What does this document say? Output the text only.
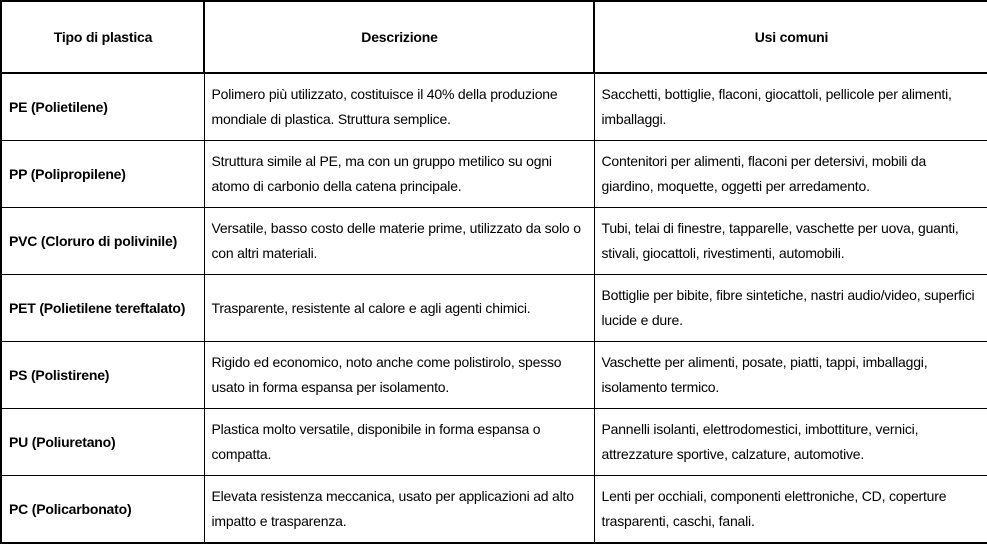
Tipo di plastica	Descrizione	Usi comuni
PE (Polietilene)	Polimero più utilizzato, costituisce il 40% della produzione mondiale di plastica. Struttura semplice.	Sacchetti, bottiglie, flaconi, giocattoli, pellicole per alimenti, imballaggi.
PP (Polipropilene)	Struttura simile al PE, ma con un gruppo metilico su ogni atomo di carbonio della catena principale.	Contenitori per alimenti, flaconi per detersivi, mobili da giardino, moquette, oggetti per arredamento.
PVC (Cloruro di polivinile)	Versatile, basso costo delle materie prime, utilizzato da solo o con altri materiali.	Tubi, telai di finestre, tapparelle, vaschette per uova, guanti, stivali, giocattoli, rivestimenti, automobili.
PET (Polietilene tereftalato)	Trasparente, resistente al calore e agli agenti chimici.	Bottiglie per bibite, fibre sintetiche, nastri audio/video, superfici lucide e dure.
PS (Polistirene)	Rigido ed economico, noto anche come polistirolo, spesso usato in forma espansa per isolamento.	Vaschette per alimenti, posate, piatti, tappi, imballaggi, isolamento termico.
PU (Poliuretano)	Plastica molto versatile, disponibile in forma espansa o compatta.	Pannelli isolanti, elettrodomestici, imbottiture, vernici, attrezzature sportive, calzature, automotive.
PC (Policarbonato)	Elevata resistenza meccanica, usato per applicazioni ad alto impatto e trasparenza.	Lenti per occhiali, componenti elettroniche, CD, coperture trasparenti, caschi, fanali.
